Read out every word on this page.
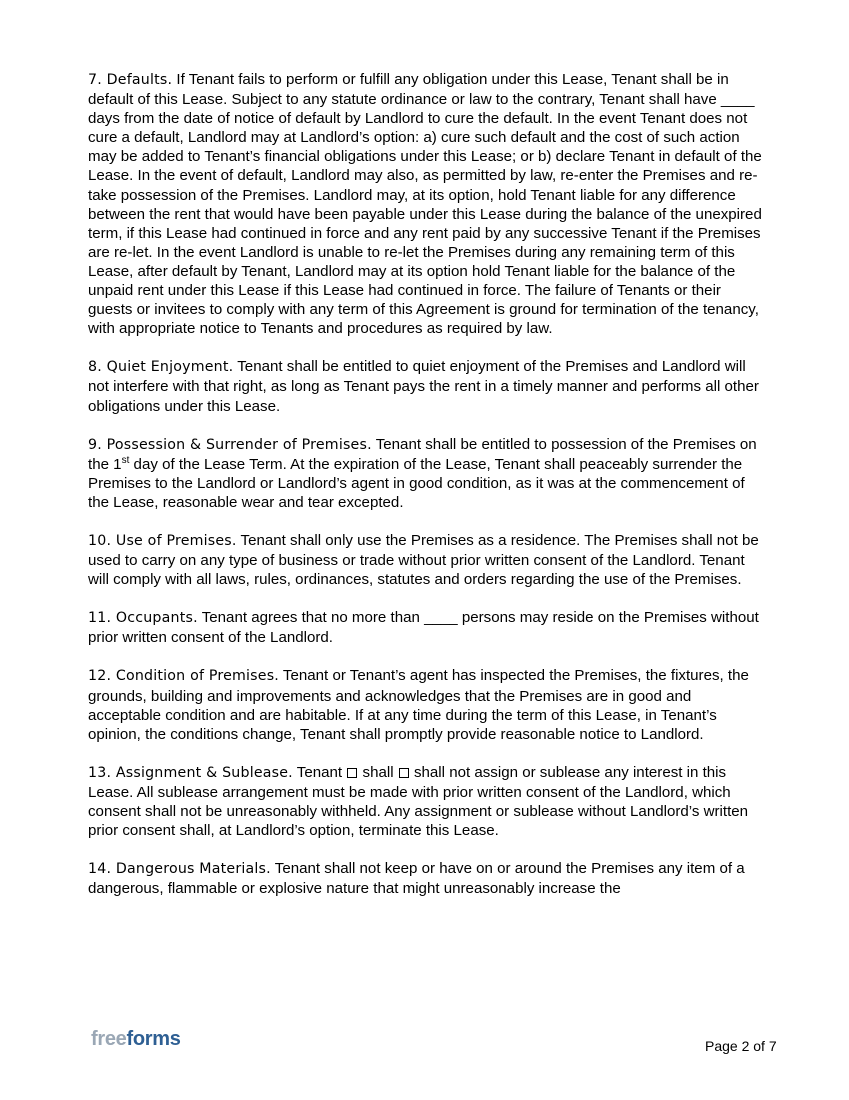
7. Defaults. If Tenant fails to perform or fulfill any obligation under this Lease, Tenant shall be in default of this Lease. Subject to any statute ordinance or law to the contrary, Tenant shall have ____ days from the date of notice of default by Landlord to cure the default. In the event Tenant does not cure a default, Landlord may at Landlord’s option: a) cure such default and the cost of such action may be added to Tenant’s financial obligations under this Lease; or b) declare Tenant in default of the Lease. In the event of default, Landlord may also, as permitted by law, re-enter the Premises and re-take possession of the Premises. Landlord may, at its option, hold Tenant liable for any difference between the rent that would have been payable under this Lease during the balance of the unexpired term, if this Lease had continued in force and any rent paid by any successive Tenant if the Premises are re-let. In the event Landlord is unable to re-let the Premises during any remaining term of this Lease, after default by Tenant, Landlord may at its option hold Tenant liable for the balance of the unpaid rent under this Lease if this Lease had continued in force. The failure of Tenants or their guests or invitees to comply with any term of this Agreement is ground for termination of the tenancy, with appropriate notice to Tenants and procedures as required by law.

8. Quiet Enjoyment. Tenant shall be entitled to quiet enjoyment of the Premises and Landlord will not interfere with that right, as long as Tenant pays the rent in a timely manner and performs all other obligations under this Lease.

9. Possession & Surrender of Premises. Tenant shall be entitled to possession of the Premises on the 1st day of the Lease Term. At the expiration of the Lease, Tenant shall peaceably surrender the Premises to the Landlord or Landlord’s agent in good condition, as it was at the commencement of the Lease, reasonable wear and tear excepted.

10. Use of Premises. Tenant shall only use the Premises as a residence. The Premises shall not be used to carry on any type of business or trade without prior written consent of the Landlord. Tenant will comply with all laws, rules, ordinances, statutes and orders regarding the use of the Premises.

11. Occupants. Tenant agrees that no more than ____ persons may reside on the Premises without prior written consent of the Landlord.

12. Condition of Premises. Tenant or Tenant’s agent has inspected the Premises, the fixtures, the grounds, building and improvements and acknowledges that the Premises are in good and acceptable condition and are habitable. If at any time during the term of this Lease, in Tenant’s opinion, the conditions change, Tenant shall promptly provide reasonable notice to Landlord.

13. Assignment & Sublease. Tenant  shall  shall not assign or sublease any interest in this Lease. All sublease arrangement must be made with prior written consent of the Landlord, which consent shall not be unreasonably withheld. Any assignment or sublease without Landlord’s written prior consent shall, at Landlord’s option, terminate this Lease.

14. Dangerous Materials. Tenant shall not keep or have on or around the Premises any item of a dangerous, flammable or explosive nature that might unreasonably increase the

freeforms	Page 2 of 7
